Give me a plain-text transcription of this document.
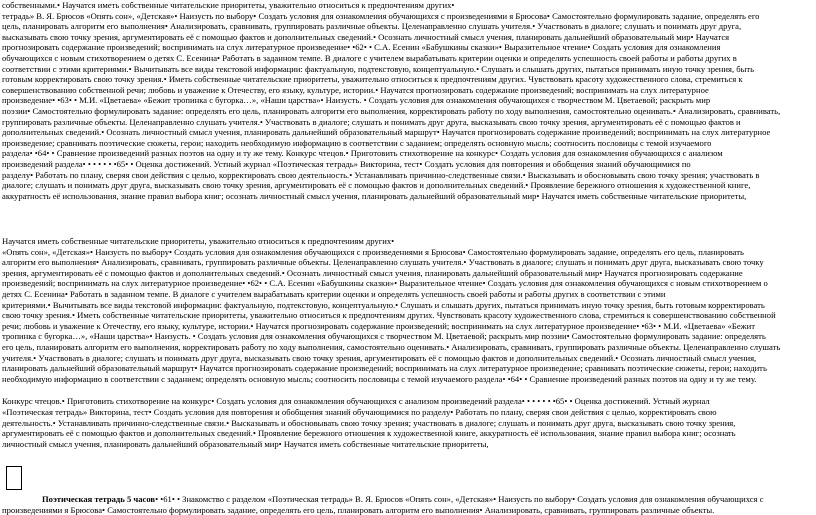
собственными.• Научатся иметь собственные читательские приоритеты, уважительно относиться к предпочтениям других•
тетрадь» В. Я. Брюсов «Опять сон», «Детская»• Наизусть по выбору• Создать условия для ознакомления обучающихся с произведениями я Брюсова• Самостоятельно формулировать задание, определять его
цель, планировать алгоритм его выполнения• Анализировать, сравнивать, группировать различные объекты. Целенаправленно слушать учителя.• Участвовать в диалоге; слушать и понимать друг друга,
высказывать свою точку зрения, аргументировать её с помощью фактов и дополнительных сведений.• Осознать личностный смысл учения, планировать дальнейший образовательный мир• Научатся
прогнозировать содержание произведений; воспринимать на слух литературное произведение• •62• • С.А. Есенин «Бабушкины сказки»• Выразительное чтение• Создать условия для ознакомления
обучающихся с новым стихотворением о детях С. Есенина• Работать в заданном темпе. В диалоге с учителем вырабатывать критерии оценки и определять успешность своей работы и работы других в
соответствии с этими критериями.• Вычитывать все виды текстовой информации: фактуальную, подтекстовую, концептуальную.• Слушать и слышать других, пытаться принимать иную точку зрения, быть
готовым корректировать свою точку зрения.• Иметь собственные читательские приоритеты, уважительно относиться к предпочтениям других. Чувствовать красоту художественного слова, стремиться к
совершенствованию собственной речи; любовь и уважение к Отечеству, его языку, культуре, истории.• Научатся прогнозировать содержание произведений; воспринимать на слух литературное
произведение• •63• • М.И. «Цветаева» «Бежит тропинка с бугорка…», «Наши царства»• Наизусть. • Создать условия для ознакомления обучающихся с творчеством М. Цветаевой; раскрыть мир
поэзии• Самостоятельно формулировать задание: определять его цель, планировать алгоритм его выполнения, корректировать работу по ходу выполнения, самостоятельно оценивать.• Анализировать, сравнивать,
группировать различные объекты. Целенаправленно слушать учителя.• Участвовать в диалоге; слушать и понимать друг друга, высказывать свою точку зрения, аргументировать её с помощью фактов и
дополнительных сведений.• Осознать личностный смысл учения, планировать дальнейший образовательный маршрут• Научатся прогнозировать содержание произведений; воспринимать на слух литературное
произведение; сравнивать поэтические сюжеты, герои; находить необходимую информацию в соответствии с заданием; определять основную мысль; соотносить пословицы с темой изучаемого
раздела• •64• • Сравнение произведений разных поэтов на одну и ту же тему. Конкурс чтецов.• Приготовить стихотворение на конкурс• Создать условия для ознакомления обучающихся с анализом
произведений раздела• • • • • • •65• • Оценка достижений. Устный журнал «Поэтическая тетрадь» Викторина, тест• Создать условия для повторения и обобщения знаний обучающимися по
разделу• Работать по плану, сверяя свои действия с целью, корректировать свою деятельность.• Устанавливать причинно-следственные связи.• Высказывать и обосновывать свою точку зрения; участвовать в
диалоге; слушать и понимать друг друга, высказывать свою точку зрения, аргументировать её с помощью фактов и дополнительных сведений.• Проявление бережного отношения к художественной книге,
аккуратность её использования, знание правил выбора книг; осознать личностный смысл учения, планировать дальнейший образовательный мир• Научатся иметь собственные читательские приоритеты,
Научатся иметь собственные читательские приоритеты, уважительно относиться к предпочтениям других•
«Опять сон», «Детская»• Наизусть по выбору• Создать условия для ознакомления обучающихся с произведениями я Брюсова• Самостоятельно формулировать задание, определять его цель, планировать
алгоритм его выполнения• Анализировать, сравнивать, группировать различные объекты. Целенаправленно слушать учителя.• Участвовать в диалоге; слушать и понимать друг друга, высказывать свою точку
зрения, аргументировать её с помощью фактов и дополнительных сведений.• Осознать личностный смысл учения, планировать дальнейший образовательный мир• Научатся прогнозировать содержание
произведений; воспринимать на слух литературное произведение• •62• • С.А. Есенин «Бабушкины сказки»• Выразительное чтение• Создать условия для ознакомления обучающихся с новым стихотворением о
детях С. Есенина• Работать в заданном темпе. В диалоге с учителем вырабатывать критерии оценки и определять успешность своей работы и работы других в соответствии с этими
критериями.• Вычитывать все виды текстовой информации: фактуальную, подтекстовую, концептуальную.• Слушать и слышать других, пытаться принимать иную точку зрения, быть готовым корректировать
свою точку зрения.• Иметь собственные читательские приоритеты, уважительно относиться к предпочтениям других. Чувствовать красоту художественного слова, стремиться к совершенствованию собственной
речи; любовь и уважение к Отечеству, его языку, культуре, истории.• Научатся прогнозировать содержание произведений; воспринимать на слух литературное произведение• •63• • М.И. «Цветаева» «Бежит
тропинка с бугорка…», «Наши царства»• Наизусть. • Создать условия для ознакомления обучающихся с творчеством М. Цветаевой; раскрыть мир поэзии• Самостоятельно формулировать задание: определять
его цель, планировать алгоритм его выполнения, корректировать работу по ходу выполнения, самостоятельно оценивать.• Анализировать, сравнивать, группировать различные объекты. Целенаправленно слушать
учителя.• Участвовать в диалоге; слушать и понимать друг друга, высказывать свою точку зрения, аргументировать её с помощью фактов и дополнительных сведений.• Осознать личностный смысл учения,
планировать дальнейший образовательный маршрут• Научатся прогнозировать содержание произведений; воспринимать на слух литературное произведение; сравнивать поэтические сюжеты, герои; находить
необходимую информацию в соответствии с заданием; определять основную мысль; соотносить пословицы с темой изучаемого раздела• •64• • Сравнение произведений разных поэтов на одну и ту же тему.
Конкурс чтецов.• Приготовить стихотворение на конкурс• Создать условия для ознакомления обучающихся с анализом произведений раздела• • • • • • •65• • Оценка достижений. Устный журнал
«Поэтическая тетрадь» Викторина, тест• Создать условия для повторения и обобщения знаний обучающимися по разделу• Работать по плану, сверяя свои действия с целью, корректировать свою
деятельность.• Устанавливать причинно-следственные связи.• Высказывать и обосновывать свою точку зрения; участвовать в диалоге; слушать и понимать друг друга, высказывать свою точку зрения,
аргументировать её с помощью фактов и дополнительных сведений.• Проявление бережного отношения к художественной книге, аккуратность её использования, знание правил выбора книг; осознать
личностный смысл учения, планировать дальнейший образовательный мир• Научатся иметь собственные читательские приоритеты,
Поэтическая тетрадь 5 часов• •61• • Знакомство с разделом «Поэтическая тетрадь» В. Я. Брюсов «Опять сон», «Детская»• Наизусть по выбору• Создать условия для ознакомления обучающихся с
произведениями я Брюсова• Самостоятельно формулировать задание, определять его цель, планировать алгоритм его выполнения• Анализировать, сравнивать, группировать различные объекты.
